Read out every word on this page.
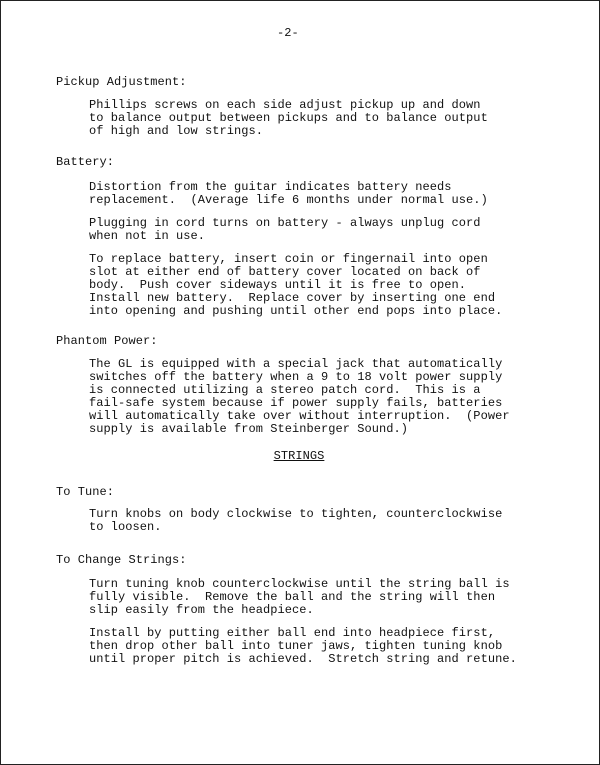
-2-
Pickup Adjustment:
Phillips screws on each side adjust pickup up and down
to balance output between pickups and to balance output
of high and low strings.
Battery:
Distortion from the guitar indicates battery needs
replacement.  (Average life 6 months under normal use.)
Plugging in cord turns on battery - always unplug cord
when not in use.
To replace battery, insert coin or fingernail into open
slot at either end of battery cover located on back of
body.  Push cover sideways until it is free to open.
Install new battery.  Replace cover by inserting one end
into opening and pushing until other end pops into place.
Phantom Power:
The GL is equipped with a special jack that automatically
switches off the battery when a 9 to 18 volt power supply
is connected utilizing a stereo patch cord.  This is a
fail-safe system because if power supply fails, batteries
will automatically take over without interruption.  (Power
supply is available from Steinberger Sound.)
STRINGS
To Tune:
Turn knobs on body clockwise to tighten, counterclockwise
to loosen.
To Change Strings:
Turn tuning knob counterclockwise until the string ball is
fully visible.  Remove the ball and the string will then
slip easily from the headpiece.
Install by putting either ball end into headpiece first,
then drop other ball into tuner jaws, tighten tuning knob
until proper pitch is achieved.  Stretch string and retune.
